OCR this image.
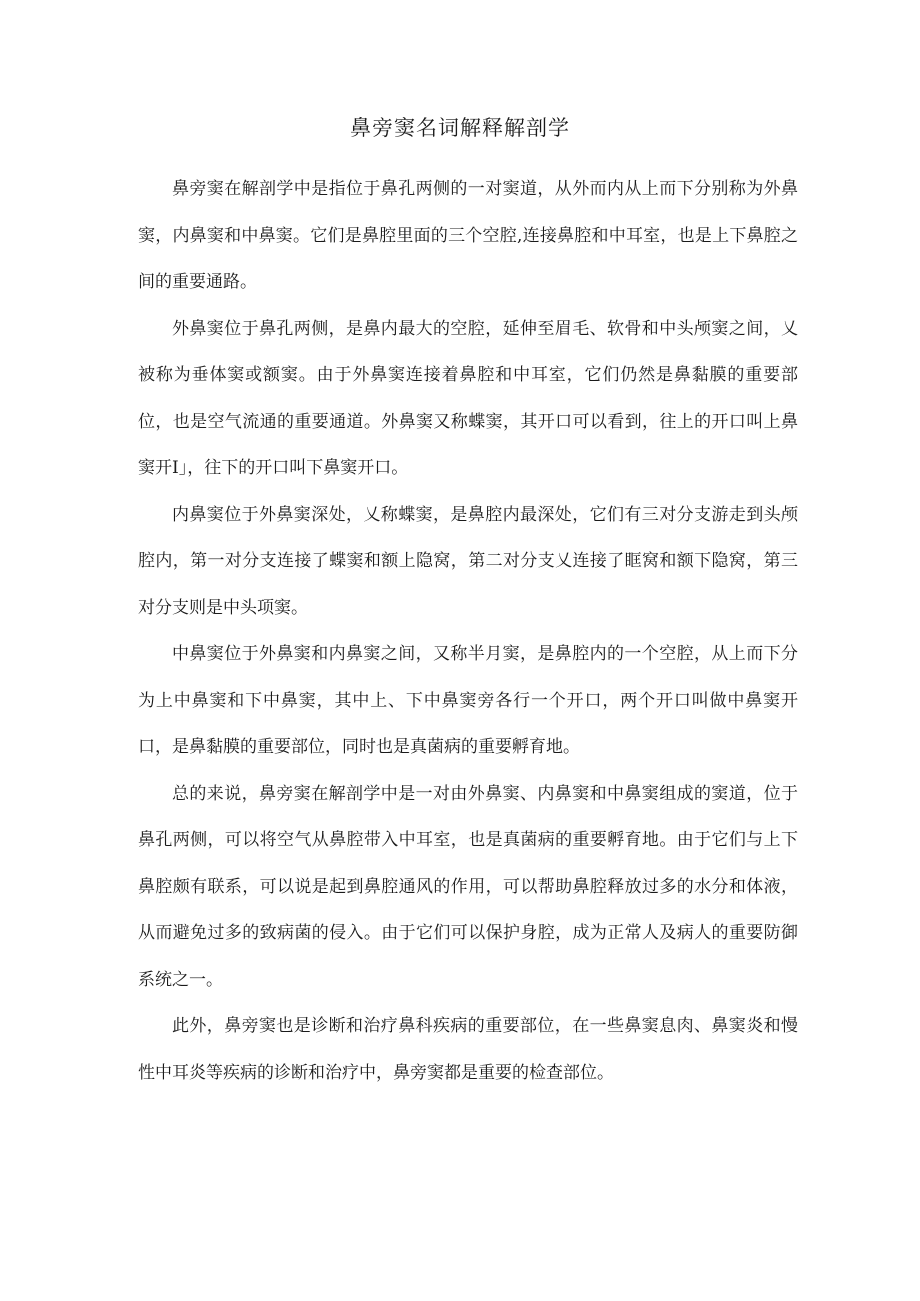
鼻旁窦名词解释解剖学

鼻旁窦在解剖学中是指位于鼻孔两侧的一对窦道，从外而内从上而下分别称为外鼻窦，内鼻窦和中鼻窦。它们是鼻腔里面的三个空腔,连接鼻腔和中耳室，也是上下鼻腔之间的重要通路。

外鼻窦位于鼻孔两侧，是鼻内最大的空腔，延伸至眉毛、软骨和中头颅窦之间，乂被称为垂体窦或额窦。由于外鼻窦连接着鼻腔和中耳室，它们仍然是鼻黏膜的重要部位，也是空气流通的重要通道。外鼻窦又称蝶窦，其开口可以看到，往上的开口叫上鼻窦开I」，往下的开口叫下鼻窦开口。

内鼻窦位于外鼻窦深处，乂称蝶窦，是鼻腔内最深处，它们有三对分支游走到头颅腔内，第一对分支连接了蝶窦和额上隐窝，第二对分支乂连接了眶窝和额下隐窝，第三对分支则是中头项窦。

中鼻窦位于外鼻窦和内鼻窦之间，又称半月窦，是鼻腔内的一个空腔，从上而下分为上中鼻窦和下中鼻窦，其中上、下中鼻窦旁各行一个开口，两个开口叫做中鼻窦开口，是鼻黏膜的重要部位，同时也是真菌病的重要孵育地。

总的来说，鼻旁窦在解剖学中是一对由外鼻窦、内鼻窦和中鼻窦组成的窦道，位于鼻孔两侧，可以将空气从鼻腔带入中耳室，也是真菌病的重要孵育地。由于它们与上下鼻腔颇有联系，可以说是起到鼻腔通风的作用，可以帮助鼻腔释放过多的水分和体液，从而避免过多的致病菌的侵入。由于它们可以保护身腔，成为正常人及病人的重要防御系统之一。

此外，鼻旁窦也是诊断和治疗鼻科疾病的重要部位，在一些鼻窦息肉、鼻窦炎和慢性中耳炎等疾病的诊断和治疗中，鼻旁窦都是重要的检查部位。
